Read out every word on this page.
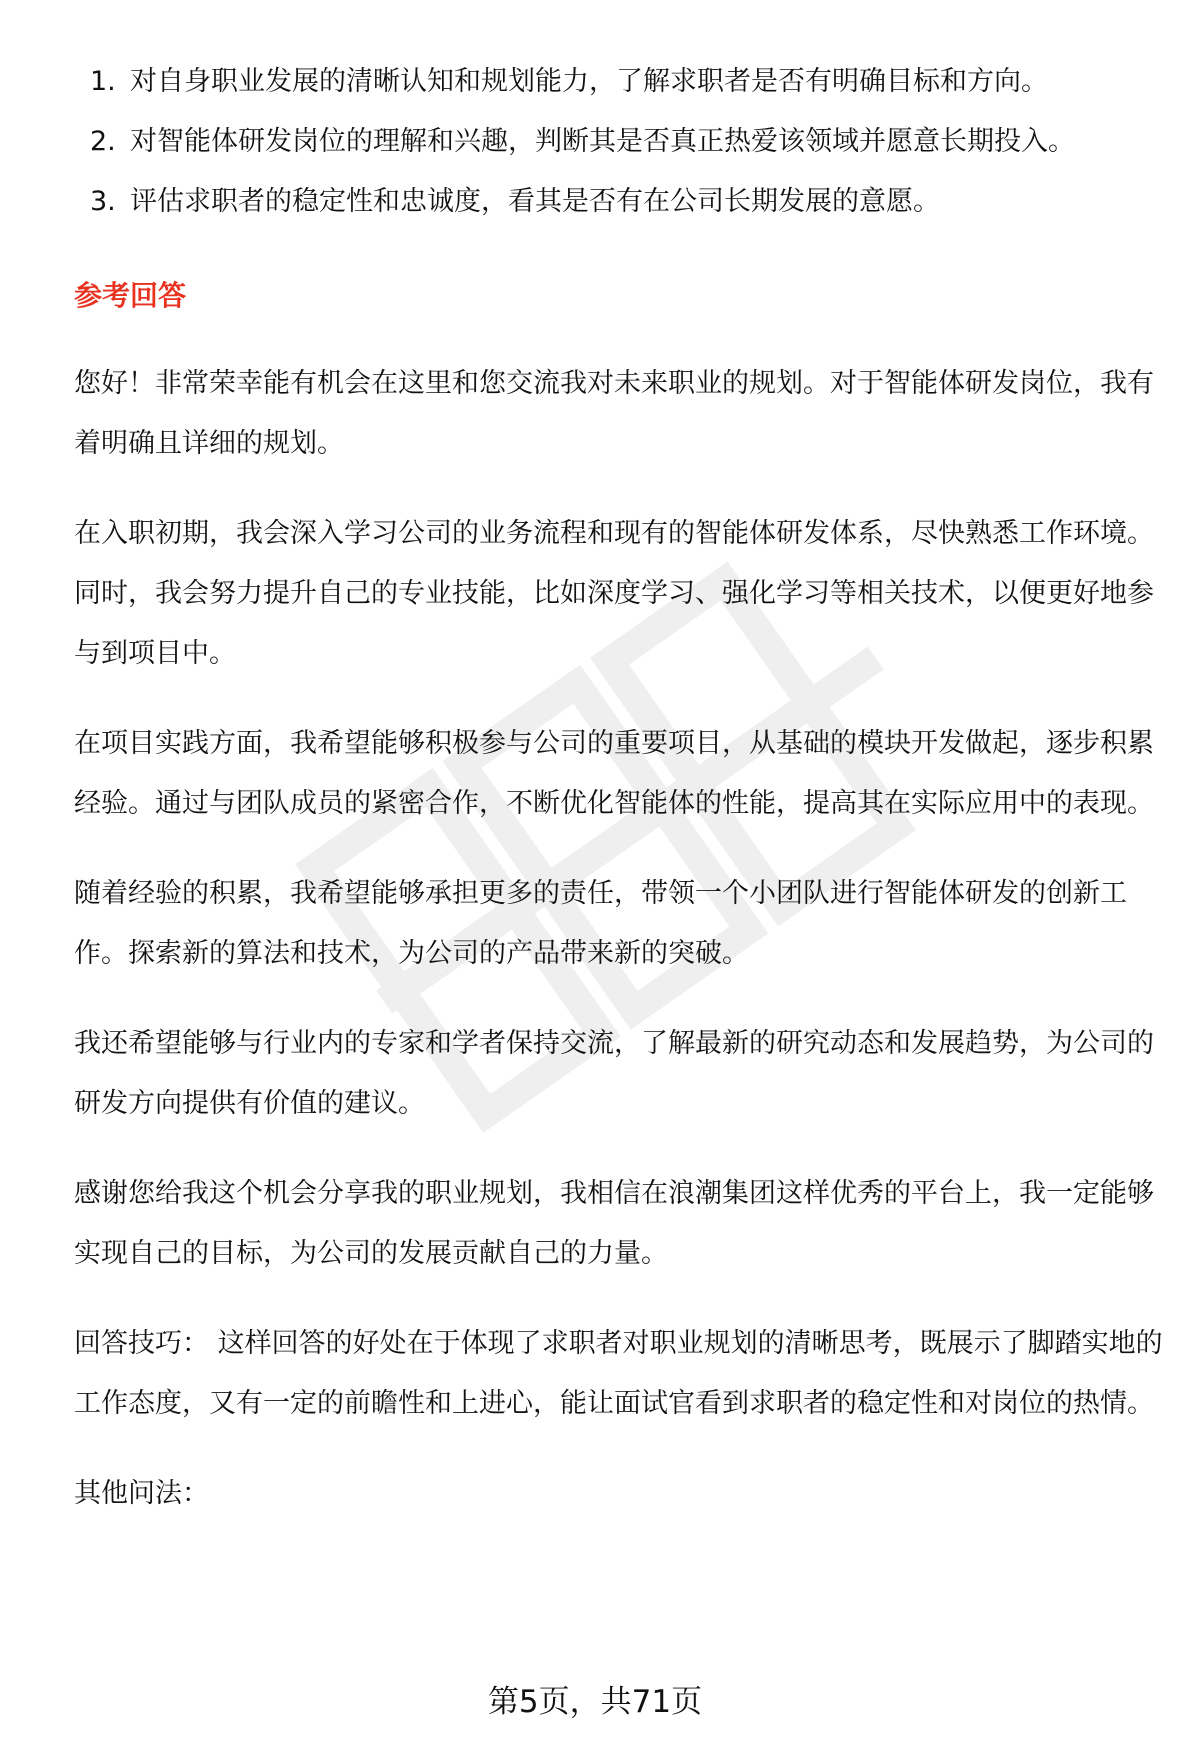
1. 对自身职业发展的清晰认知和规划能力，了解求职者是否有明确目标和方向。
2. 对智能体研发岗位的理解和兴趣，判断其是否真正热爱该领域并愿意长期投入。
3. 评估求职者的稳定性和忠诚度，看其是否有在公司长期发展的意愿。
参考回答

您好！非常荣幸能有机会在这里和您交流我对未来职业的规划。对于智能体研发岗位，我有着明确且详细的规划。

在入职初期，我会深入学习公司的业务流程和现有的智能体研发体系，尽快熟悉工作环境。同时，我会努力提升自己的专业技能，比如深度学习、强化学习等相关技术，以便更好地参与到项目中。

在项目实践方面，我希望能够积极参与公司的重要项目，从基础的模块开发做起，逐步积累经验。通过与团队成员的紧密合作，不断优化智能体的性能，提高其在实际应用中的表现。

随着经验的积累，我希望能够承担更多的责任，带领一个小团队进行智能体研发的创新工作。探索新的算法和技术，为公司的产品带来新的突破。

我还希望能够与行业内的专家和学者保持交流，了解最新的研究动态和发展趋势，为公司的研发方向提供有价值的建议。

感谢您给我这个机会分享我的职业规划，我相信在浪潮集团这样优秀的平台上，我一定能够实现自己的目标，为公司的发展贡献自己的力量。

回答技巧： 这样回答的好处在于体现了求职者对职业规划的清晰思考，既展示了脚踏实地的工作态度，又有一定的前瞻性和上进心，能让面试官看到求职者的稳定性和对岗位的热情。

其他问法：
第5页，共71页
